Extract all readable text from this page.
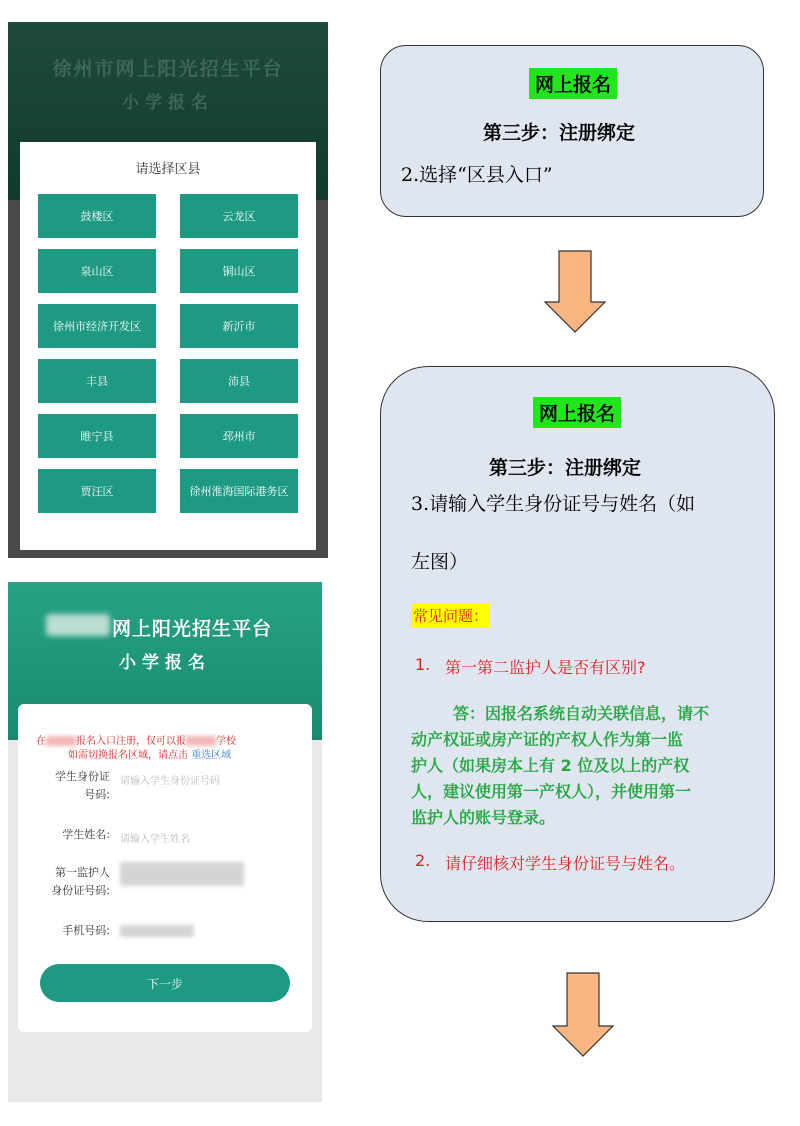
徐州市网上阳光招生平台
小学报名
请选择区县
鼓楼区	云龙区
泉山区	铜山区
徐州市经济开发区	新沂市
丰县	沛县
睢宁县	邳州市
贾汪区	徐州淮海国际港务区
网上阳光招生平台
小学报名
在	报名入口注册，仅可以报	学校
如需切换报名区域，请点击 重选区域
学生身份证
号码:
请输入学生身份证号码
学生姓名: 请输入学生姓名
第一监护人
身份证号码:
手机号码:
下一步
网上报名
第三步：注册绑定
2.选择“区县入口”
网上报名
第三步：注册绑定
3.请输入学生身份证号与姓名（如
左图）
常见问题：
1. 第一第二监护人是否有区别?
答：因报名系统自动关联信息，请不
动产权证或房产证的产权人作为第一监
护人（如果房本上有 2 位及以上的产权
人，建议使用第一产权人），并使用第一
监护人的账号登录。
2. 请仔细核对学生身份证号与姓名。
